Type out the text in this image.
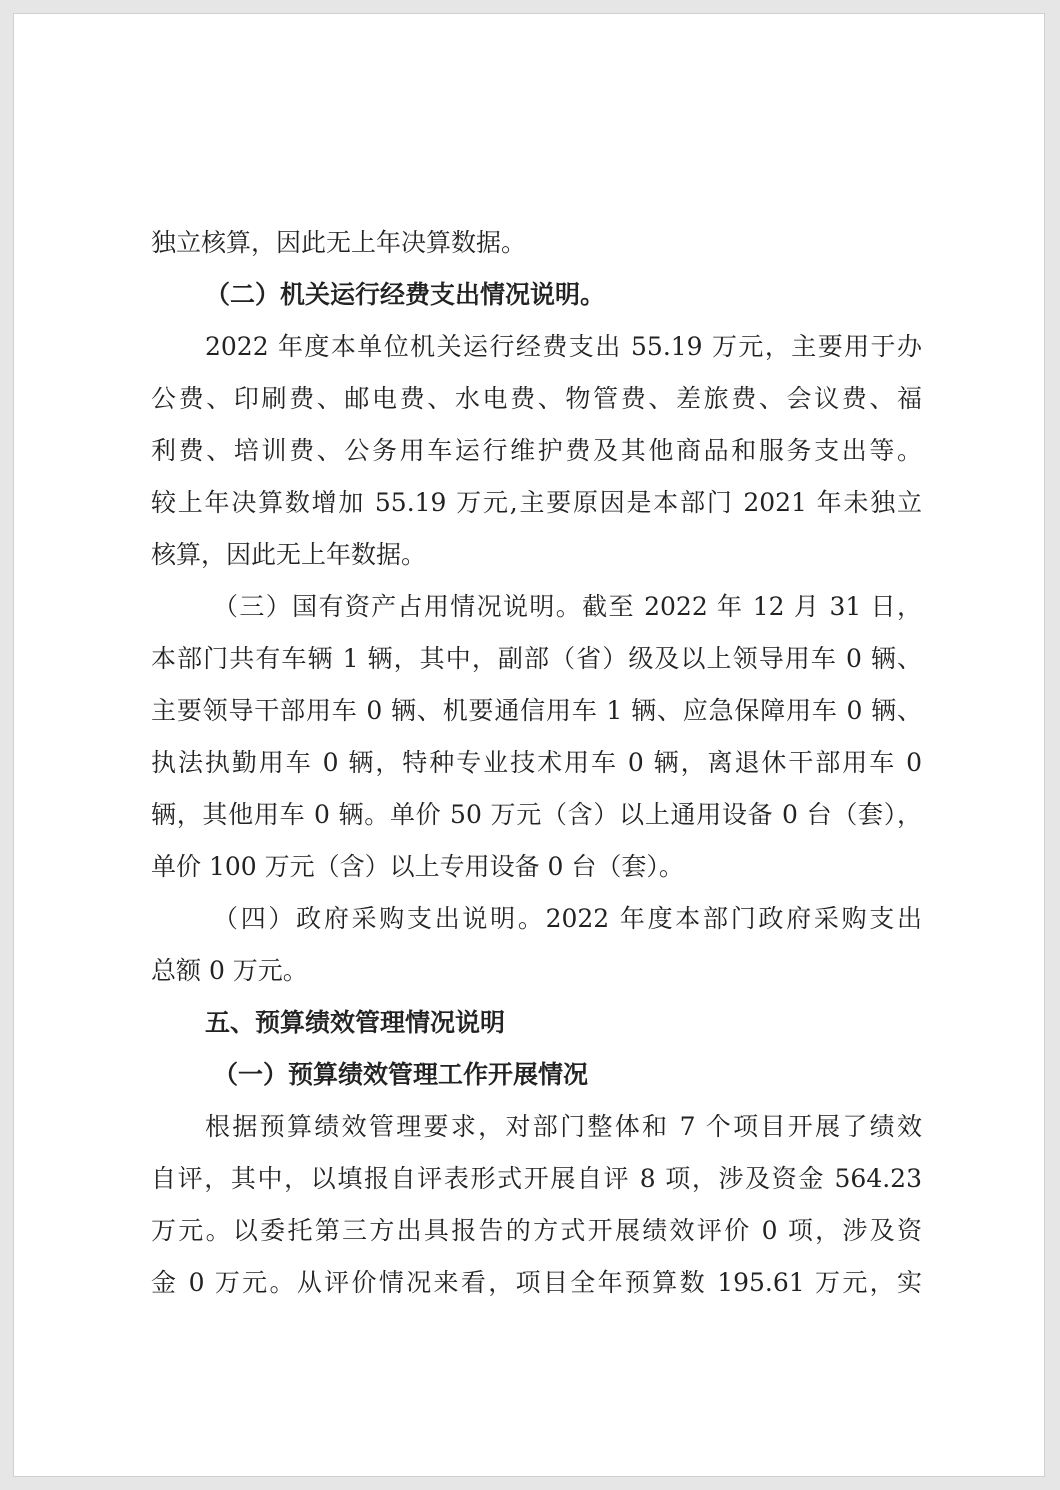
独立核算，因此无上年决算数据。
（二）机关运行经费支出情况说明。
2022 年度本单位机关运行经费支出 55.19 万元，主要用于办
公费、印刷费、邮电费、水电费、物管费、差旅费、会议费、福
利费、培训费、公务用车运行维护费及其他商品和服务支出等。
较上年决算数增加 55.19 万元,主要原因是本部门 2021 年未独立
核算，因此无上年数据。
（三）国有资产占用情况说明。截至 2022 年 12 月 31 日，
本部门共有车辆 1 辆，其中，副部（省）级及以上领导用车 0 辆、
主要领导干部用车 0 辆、机要通信用车 1 辆、应急保障用车 0 辆、
执法执勤用车 0 辆，特种专业技术用车 0 辆，离退休干部用车 0
辆，其他用车 0 辆。单价 50 万元（含）以上通用设备 0 台（套），
单价 100 万元（含）以上专用设备 0 台（套）。
（四）政府采购支出说明。2022 年度本部门政府采购支出
总额 0 万元。
五、预算绩效管理情况说明
（一）预算绩效管理工作开展情况
根据预算绩效管理要求，对部门整体和 7 个项目开展了绩效
自评，其中，以填报自评表形式开展自评 8 项，涉及资金 564.23
万元。以委托第三方出具报告的方式开展绩效评价 0 项，涉及资
金 0 万元。从评价情况来看，项目全年预算数 195.61 万元，实
